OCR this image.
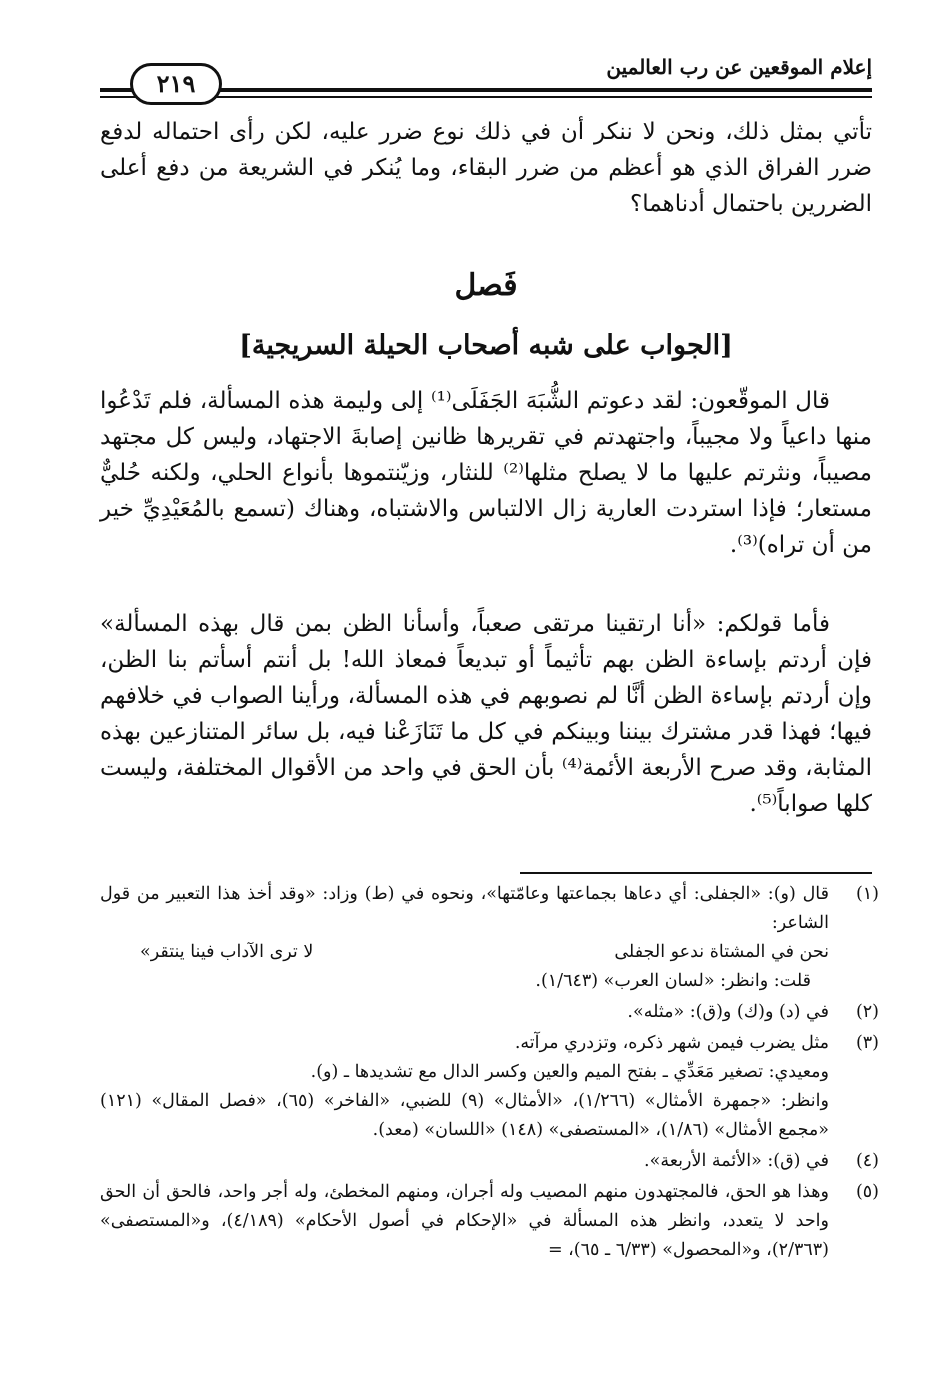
إعلام الموقعين عن رب العالمين
٢١٩
تأتي بمثل ذلك، ونحن لا ننكر أن في ذلك نوع ضرر عليه، لكن رأى احتماله لدفع ضرر الفراق الذي هو أعظم من ضرر البقاء، وما يُنكر في الشريعة من دفع أعلى الضررين باحتمال أدناهما؟
فَصل
[الجواب على شبه أصحاب الحيلة السريجية]
قال الموقّعون: لقد دعوتم الشُّبَهَ الجَفَلَى⁽¹⁾ إلى وليمة هذه المسألة، فلم تَدْعُوا منها داعياً ولا مجيباً، واجتهدتم في تقريرها ظانين إصابةَ الاجتهاد، وليس كل مجتهد مصيباً، ونثرتم عليها ما لا يصلح مثلها⁽²⁾ للنثار، وزيّنتموها بأنواع الحلي، ولكنه حُليٌّ مستعار؛ فإذا استردت العارية زال الالتباس والاشتباه، وهناك (تسمع بالمُعَيْدِيِّ خير من أن تراه)⁽³⁾.
فأما قولكم: «أنا ارتقينا مرتقى صعباً، وأسأنا الظن بمن قال بهذه المسألة» فإن أردتم بإساءة الظن بهم تأثيماً أو تبديعاً فمعاذ الله! بل أنتم أسأتم بنا الظن، وإن أردتم بإساءة الظن أنَّا لم نصوبهم في هذه المسألة، ورأينا الصواب في خلافهم فيها؛ فهذا قدر مشترك بيننا وبينكم في كل ما تَنَازَعْنا فيه، بل سائر المتنازعين بهذه المثابة، وقد صرح الأربعة الأئمة⁽⁴⁾ بأن الحق في واحد من الأقوال المختلفة، وليست كلها صواباً⁽⁵⁾.
(١)
قال (و): «الجفلى: أي دعاها بجماعتها وعامّتها»، ونحوه في (ط) وزاد: «وقد أخذ هذا التعبير من قول الشاعر:
نحن في المشتاة ندعو الجفلى
لا ترى الآداب فينا ينتقر»
قلت: وانظر: «لسان العرب» (١/٦٤٣).
(٢)
في (د) و(ك) و(ق): «مثله».
(٣)
مثل يضرب فيمن شهر ذكره، وتزدري مرآته.
ومعيدي: تصغير مَعَدِّي ـ بفتح الميم والعين وكسر الدال مع تشديدها ـ (و).
وانظر: «جمهرة الأمثال» (١/٢٦٦)، «الأمثال» (٩) للضبي، «الفاخر» (٦٥)، «فصل المقال» (١٢١) «مجمع الأمثال» (١/٨٦)، «المستصفى» (١٤٨) «اللسان» (معد).
(٤)
في (ق): «الأئمة الأربعة».
(٥)
وهذا هو الحق، فالمجتهدون منهم المصيب وله أجران، ومنهم المخطئ، وله أجر واحد، فالحق أن الحق واحد لا يتعدد، وانظر هذه المسألة في «الإحكام في أصول الأحكام» (٤/١٨٩)، و«المستصفى» (٢/٣٦٣)، و«المحصول» (٦/٣٣ ـ ٦٥)، =
